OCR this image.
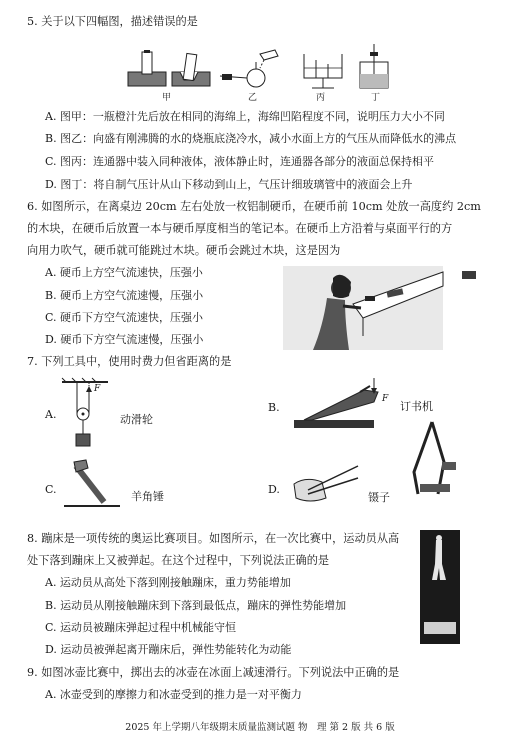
5. 关于以下四幅图，描述错误的是
甲	乙	丙	丁
A. 图甲：一瓶橙汁先后放在相同的海绵上，海绵凹陷程度不同，说明压力大小不同
B. 图乙：向盛有刚沸腾的水的烧瓶底浇冷水，减小水面上方的气压从而降低水的沸点
C. 图丙：连通器中装入同种液体，液体静止时，连通器各部分的液面总保持相平
D. 图丁：将自制气压计从山下移动到山上，气压计细玻璃管中的液面会上升
6. 如图所示，在离桌边 20cm 左右处放一枚铝制硬币，在硬币前 10cm 处放一高度约 2cm
的木块，在硬币后放置一本与硬币厚度相当的笔记本。在硬币上方沿着与桌面平行的方
向用力吹气，硬币就可能跳过木块。硬币会跳过木块，这是因为
A. 硬币上方空气流速快，压强小
B. 硬币上方空气流速慢，压强小
C. 硬币下方空气流速快，压强小
D. 硬币下方空气流速慢，压强小
7. 下列工具中，使用时费力但省距离的是
A.
F
动滑轮
B.
F
订书机
C.
羊角锤
D.
镊子
8. 蹦床是一项传统的奥运比赛项目。如图所示，在一次比赛中，运动员从高
处下落到蹦床上又被弹起。在这个过程中，下列说法正确的是
A. 运动员从高处下落到刚接触蹦床，重力势能增加
B. 运动员从刚接触蹦床到下落到最低点，蹦床的弹性势能增加
C. 运动员被蹦床弹起过程中机械能守恒
D. 运动员被弹起离开蹦床后，弹性势能转化为动能
9. 如图冰壶比赛中，掷出去的冰壶在冰面上减速滑行。下列说法中正确的是
A. 冰壶受到的摩擦力和冰壶受到的推力是一对平衡力
2025 年上学期八年级期末质量监测试题 物　理 第 2 版 共 6 版
